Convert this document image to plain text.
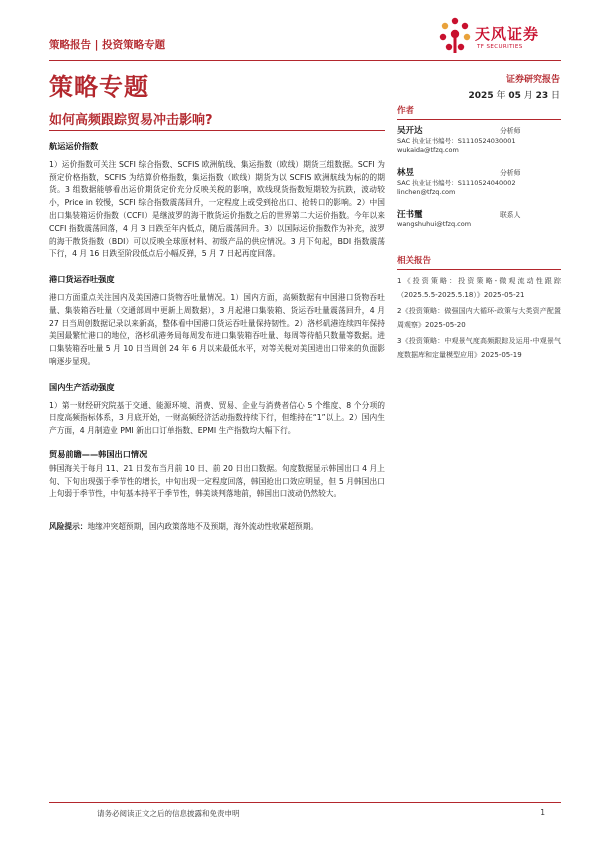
策略报告 | 投资策略专题
天风证券
TF SECURITIES
策略专题	证券研究报告
2025 年 05 月 23 日
如何高频跟踪贸易冲击影响?
航运运价指数

1）运价指数可关注 SCFI 综合指数、SCFIS 欧洲航线、集运指数（欧线）期货三组数据。SCFI 为预定价格指数，SCFIS 为结算价格指数，集运指数（欧线）期货为以 SCFIS 欧洲航线为标的的期货。3 组数据能够看出运价期货定价充分反映关税的影响，欧线现货指数短期较为抗跌，波动较小，Price in 较慢，SCFI 综合指数震荡回升，一定程度上或受到抢出口、抢转口的影响。2）中国出口集装箱运价指数（CCFI）是继波罗的海干散货运价指数之后的世界第二大运价指数。今年以来 CCFI 指数震荡回落，4 月 3 日跌至年内低点，随后震荡回升。3）以国际运价指数作为补充，波罗的海干散货指数（BDI）可以反映全球原材料、初级产品的供应情况。3 月下旬起，BDI 指数震荡下行，4 月 16 日跌至阶段低点后小幅反弹，5 月 7 日起再度回落。

港口货运吞吐强度

港口方面重点关注国内及美国港口货物吞吐量情况。1）国内方面，高频数据有中国港口货物吞吐量、集装箱吞吐量（交通部周中更新上周数据），3 月起港口集装箱、货运吞吐量震荡回升，4 月 27 日当周创数据记录以来新高，整体看中国港口货运吞吐量保持韧性。2）洛杉矶港连续四年保持美国最繁忙港口的地位，洛杉矶港务局每周发布进口集装箱吞吐量、每周等待船只数量等数据。进口集装箱吞吐量 5 月 10 日当周创 24 年 6 月以来最低水平，对等关税对美国进出口带来的负面影响逐步显现。

国内生产活动强度

1）第一财经研究院基于交通、能源环境、消费、贸易、企业与消费者信心 5 个维度、8 个分项的日度高频指标体系，3 月底开始，一财高频经济活动指数持续下行，但维持在“1”以上。2）国内生产方面，4 月制造业 PMI 新出口订单指数、EPMI 生产指数均大幅下行。

贸易前瞻——韩国出口情况

韩国海关于每月 11、21 日发布当月前 10 日、前 20 日出口数据。旬度数据显示韩国出口 4 月上旬、下旬出现强于季节性的增长，中旬出现一定程度回落，韩国抢出口效应明显，但 5 月韩国出口上旬弱于季节性，中旬基本持平于季节性，韩美谈判落地前，韩国出口波动仍然较大。

风险提示：地缘冲突超预期，国内政策落地不及预期，海外流动性收紧超预期。

作者
吴开达	分析师
SAC 执业证书编号：S1110524030001
wukaida@tfzq.com
林昱	分析师
SAC 执业证书编号：S1110524040002
linchen@tfzq.com
汪书璽	联系人
wangshuhui@tfzq.com
相关报告
1《投资策略：投资策略-微观流动性跟踪（2025.5.5-2025.5.18）》2025-05-21
2《投资策略：做强国内大循环-政策与大类资产配置周观察》2025-05-20
3《投资策略：中观景气度高频跟踪及运用-中观景气度数据库和定量模型应用》2025-05-19
请务必阅读正文之后的信息披露和免责申明	1
